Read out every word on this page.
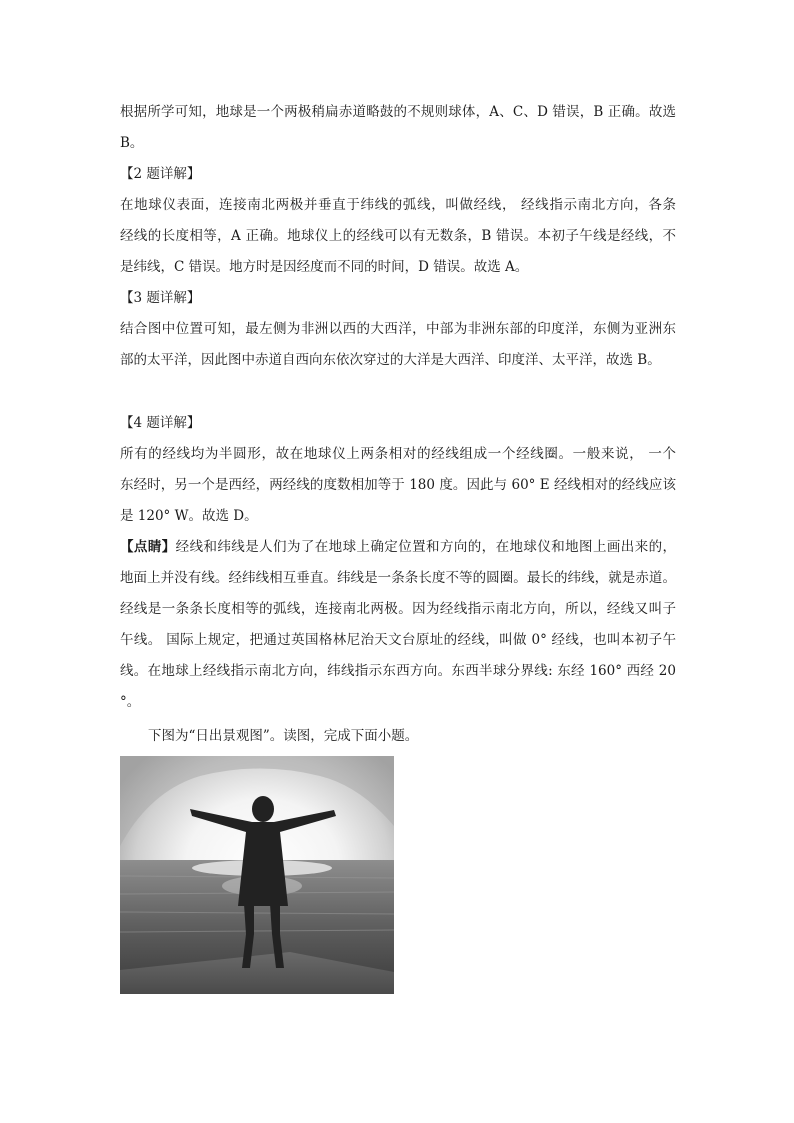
根据所学可知，地球是一个两极稍扁赤道略鼓的不规则球体，A、C、D 错误，B 正确。故选
B。
【2 题详解】
在地球仪表面，连接南北两极并垂直于纬线的弧线，叫做经线， 经线指示南北方向，各条
经线的长度相等，A 正确。地球仪上的经线可以有无数条，B 错误。本初子午线是经线，不
是纬线，C 错误。地方时是因经度而不同的时间，D 错误。故选 A。
【3 题详解】
结合图中位置可知，最左侧为非洲以西的大西洋，中部为非洲东部的印度洋，东侧为亚洲东
部的太平洋，因此图中赤道自西向东依次穿过的大洋是大西洋、印度洋、太平洋，故选 B。
【4 题详解】
所有的经线均为半圆形，故在地球仪上两条相对的经线组成一个经线圈。一般来说， 一个
东经时，另一个是西经，两经线的度数相加等于 180 度。因此与 60° E 经线相对的经线应该
是 120° W。故选 D。
【点睛】经线和纬线是人们为了在地球上确定位置和方向的，在地球仪和地图上画出来的，
地面上并没有线。经纬线相互垂直。纬线是一条条长度不等的圆圈。最长的纬线，就是赤道。
经线是一条条长度相等的弧线，连接南北两极。因为经线指示南北方向，所以，经线又叫子
午线。 国际上规定，把通过英国格林尼治天文台原址的经线，叫做 0° 经线，也叫本初子午
线。在地球上经线指示南北方向，纬线指示东西方向。东西半球分界线: 东经 160° 西经 20
°。
下图为“日出景观图”。读图，完成下面小题。
